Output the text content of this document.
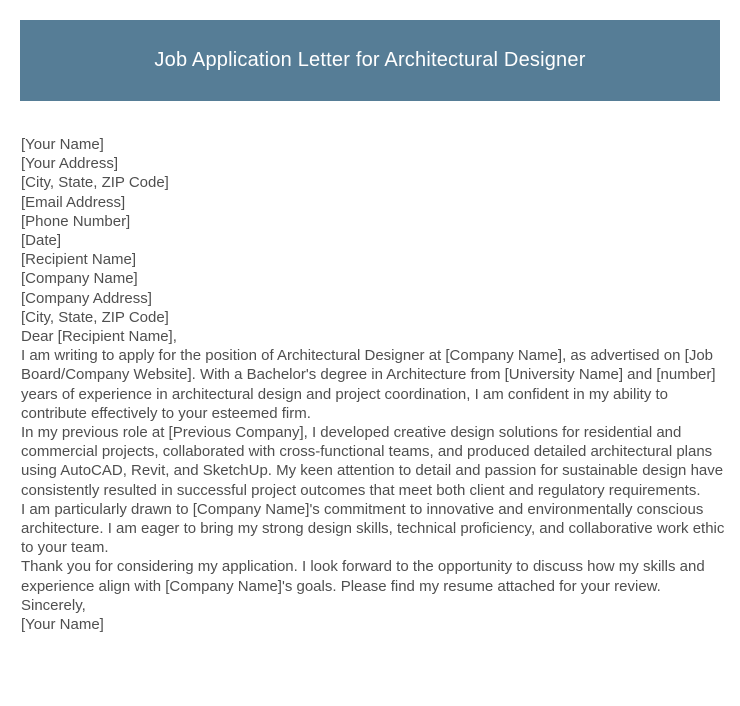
Job Application Letter for Architectural Designer

[Your Name]

[Your Address]

[City, State, ZIP Code]

[Email Address]

[Phone Number]

[Date]

[Recipient Name]

[Company Name]

[Company Address]

[City, State, ZIP Code]

Dear [Recipient Name],

I am writing to apply for the position of Architectural Designer at [Company Name], as advertised on [Job Board/Company Website]. With a Bachelor's degree in Architecture from [University Name] and [number] years of experience in architectural design and project coordination, I am confident in my ability to contribute effectively to your esteemed firm.

In my previous role at [Previous Company], I developed creative design solutions for residential and commercial projects, collaborated with cross-functional teams, and produced detailed architectural plans using AutoCAD, Revit, and SketchUp. My keen attention to detail and passion for sustainable design have consistently resulted in successful project outcomes that meet both client and regulatory requirements.

I am particularly drawn to [Company Name]'s commitment to innovative and environmentally conscious architecture. I am eager to bring my strong design skills, technical proficiency, and collaborative work ethic to your team.

Thank you for considering my application. I look forward to the opportunity to discuss how my skills and experience align with [Company Name]'s goals. Please find my resume attached for your review.

Sincerely,

[Your Name]
